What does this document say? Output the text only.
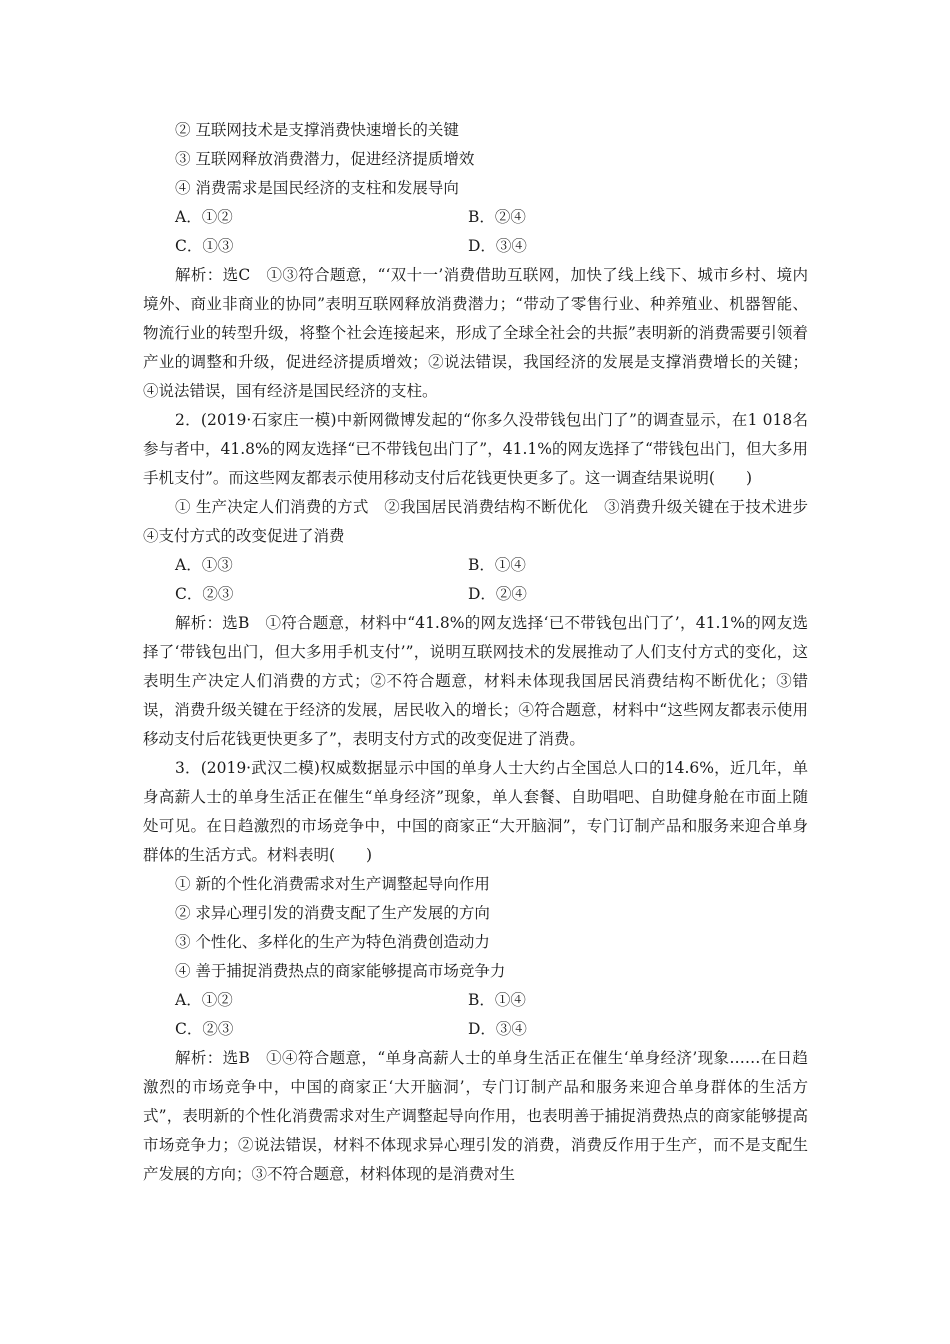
② 互联网技术是支撑消费快速增长的关键

③ 互联网释放消费潜力，促进经济提质增效

④ 消费需求是国民经济的支柱和发展导向

A．①②	B．②④
C．①③	D．③④

解析：选C　①③符合题意，“‘双十一’消费借助互联网，加快了线上线下、城市乡村、境内境外、商业非商业的协同”表明互联网释放消费潜力；“带动了零售行业、种养殖业、机器智能、物流行业的转型升级，将整个社会连接起来，形成了全球全社会的共振”表明新的消费需要引领着产业的调整和升级，促进经济提质增效；②说法错误，我国经济的发展是支撑消费增长的关键；④说法错误，国有经济是国民经济的支柱。

2．(2019·石家庄一模)中新网微博发起的“你多久没带钱包出门了”的调查显示，在1 018名参与者中，41.8%的网友选择“已不带钱包出门了”，41.1%的网友选择了“带钱包出门，但大多用手机支付”。而这些网友都表示使用移动支付后花钱更快更多了。这一调查结果说明(　　)

① 生产决定人们消费的方式　②我国居民消费结构不断优化　③消费升级关键在于技术进步　④支付方式的改变促进了消费

A．①③	B．①④
C．②③	D．②④

解析：选B　①符合题意，材料中“41.8%的网友选择‘已不带钱包出门了’，41.1%的网友选择了‘带钱包出门，但大多用手机支付’”，说明互联网技术的发展推动了人们支付方式的变化，这表明生产决定人们消费的方式；②不符合题意，材料未体现我国居民消费结构不断优化；③错误，消费升级关键在于经济的发展，居民收入的增长；④符合题意，材料中“这些网友都表示使用移动支付后花钱更快更多了”，表明支付方式的改变促进了消费。

3．(2019·武汉二模)权威数据显示中国的单身人士大约占全国总人口的14.6%，近几年，单身高薪人士的单身生活正在催生“单身经济”现象，单人套餐、自助唱吧、自助健身舱在市面上随处可见。在日趋激烈的市场竞争中，中国的商家正“大开脑洞”，专门订制产品和服务来迎合单身群体的生活方式。材料表明(　　)

① 新的个性化消费需求对生产调整起导向作用

② 求异心理引发的消费支配了生产发展的方向

③ 个性化、多样化的生产为特色消费创造动力

④ 善于捕捉消费热点的商家能够提高市场竞争力

A．①②	B．①④
C．②③	D．③④

解析：选B　①④符合题意，“单身高薪人士的单身生活正在催生‘单身经济’现象……在日趋激烈的市场竞争中，中国的商家正‘大开脑洞’，专门订制产品和服务来迎合单身群体的生活方式”，表明新的个性化消费需求对生产调整起导向作用，也表明善于捕捉消费热点的商家能够提高市场竞争力；②说法错误，材料不体现求异心理引发的消费，消费反作用于生产，而不是支配生产发展的方向；③不符合题意，材料体现的是消费对生
